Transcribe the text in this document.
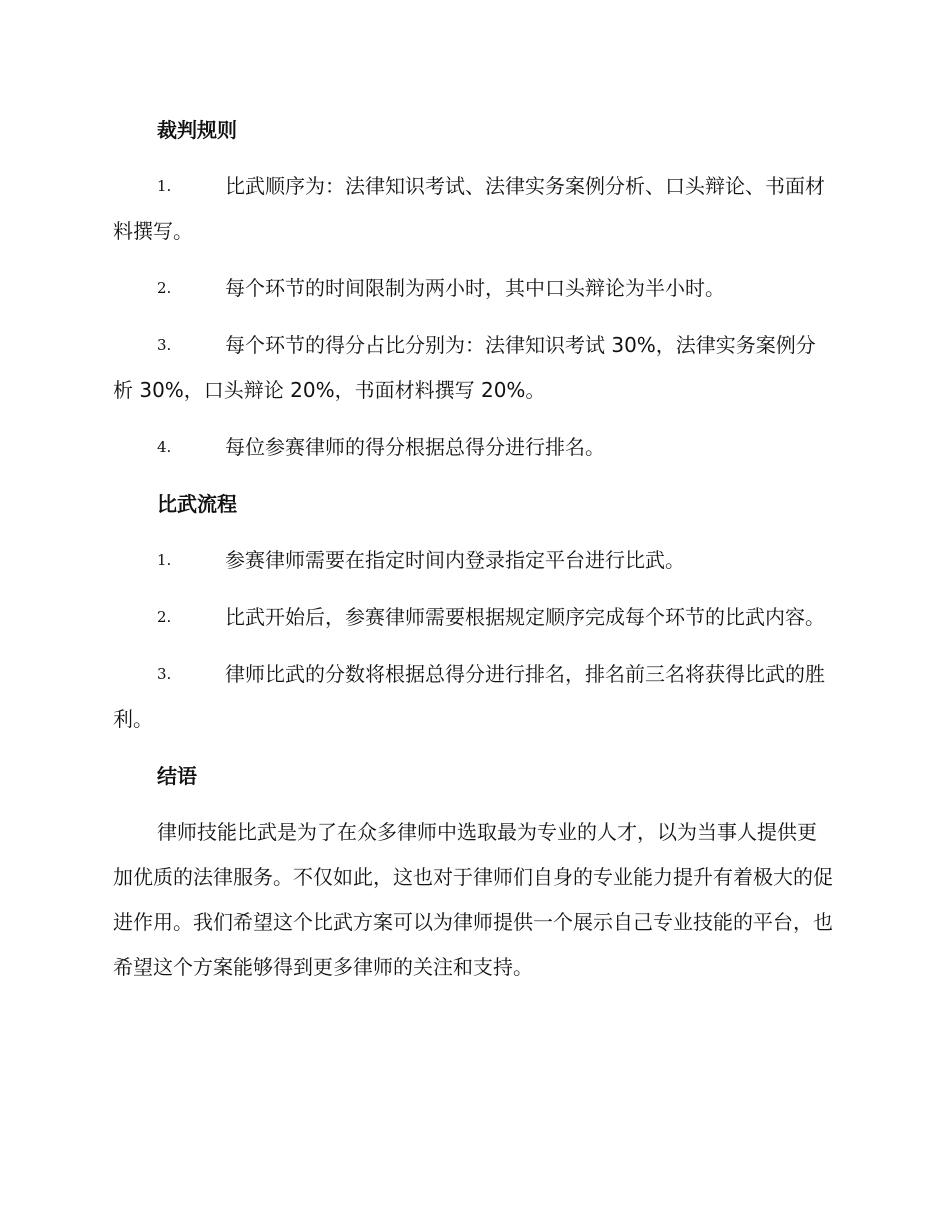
裁判规则
1.	比武顺序为：法律知识考试、法律实务案例分析、口头辩论、书面材料撰写。
2.	每个环节的时间限制为两小时，其中口头辩论为半小时。
3.	每个环节的得分占比分别为：法律知识考试 30%，法律实务案例分析 30%，口头辩论 20%，书面材料撰写 20%。
4.	每位参赛律师的得分根据总得分进行排名。
比武流程
1.	参赛律师需要在指定时间内登录指定平台进行比武。
2.	比武开始后，参赛律师需要根据规定顺序完成每个环节的比武内容。
3.	律师比武的分数将根据总得分进行排名，排名前三名将获得比武的胜利。
结语

律师技能比武是为了在众多律师中选取最为专业的人才，以为当事人提供更加优质的法律服务。不仅如此，这也对于律师们自身的专业能力提升有着极大的促进作用。我们希望这个比武方案可以为律师提供一个展示自己专业技能的平台，也希望这个方案能够得到更多律师的关注和支持。
